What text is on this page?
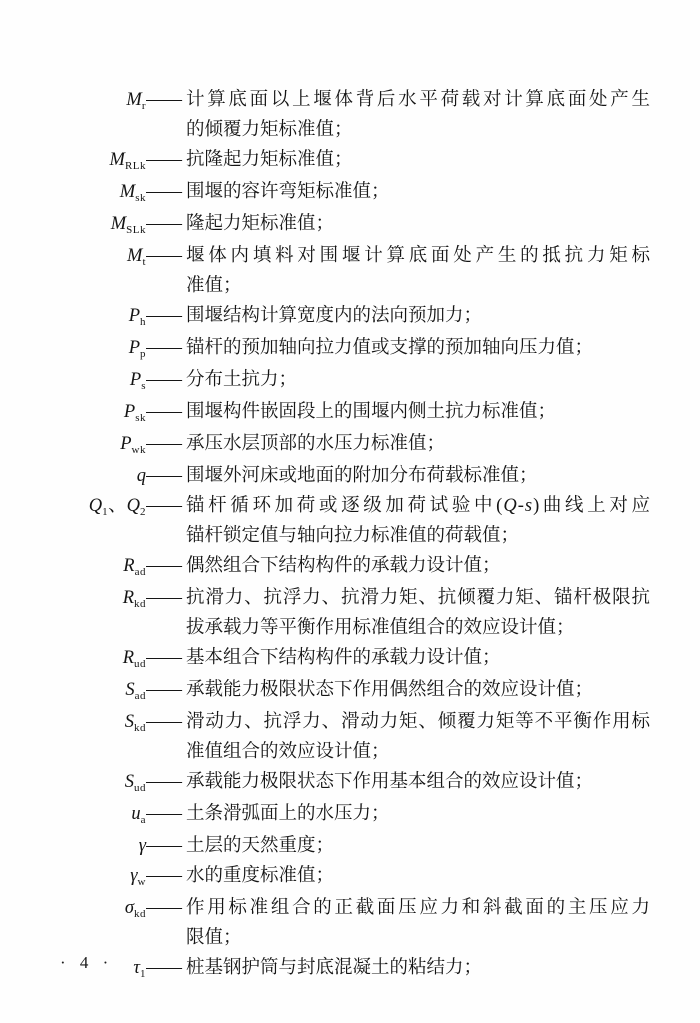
$M_r$ —— 计算底面以上堰体背后水平荷载对计算底面处产生
的倾覆力矩标准值；
$M_{RLk}$ —— 抗隆起力矩标准值；
$M_{sk}$ —— 围堰的容许弯矩标准值；
$M_{SLk}$ —— 隆起力矩标准值；
$M_t$ —— 堰体内填料对围堰计算底面处产生的抵抗力矩标
准值；
$P_h$ —— 围堰结构计算宽度内的法向预加力；
$P_p$ —— 锚杆的预加轴向拉力值或支撑的预加轴向压力值；
$P_s$ —— 分布土抗力；
$P_{sk}$ —— 围堰构件嵌固段上的围堰内侧土抗力标准值；
$P_{wk}$ —— 承压水层顶部的水压力标准值；
q —— 围堰外河床或地面的附加分布荷载标准值；
$Q_1$、$Q_2$ —— 锚杆循环加荷或逐级加荷试验中(Q-s)曲线上对应
锚杆锁定值与轴向拉力标准值的荷载值；
$R_{ad}$ —— 偶然组合下结构构件的承载力设计值；
$R_{kd}$ —— 抗滑力、抗浮力、抗滑力矩、抗倾覆力矩、锚杆极限抗
拔承载力等平衡作用标准值组合的效应设计值；
$R_{ud}$ —— 基本组合下结构构件的承载力设计值；
$S_{ad}$ —— 承载能力极限状态下作用偶然组合的效应设计值；
$S_{kd}$ —— 滑动力、抗浮力、滑动力矩、倾覆力矩等不平衡作用标
准值组合的效应设计值；
$S_{ud}$ —— 承载能力极限状态下作用基本组合的效应设计值；
$u_a$ —— 土条滑弧面上的水压力；
γ —— 土层的天然重度；
$\gamma_w$ —— 水的重度标准值；
$\sigma_{kd}$ —— 作用标准组合的正截面压应力和斜截面的主压应力
限值；
$\tau_1$ —— 桩基钢护筒与封底混凝土的粘结力；
· 4 ·
